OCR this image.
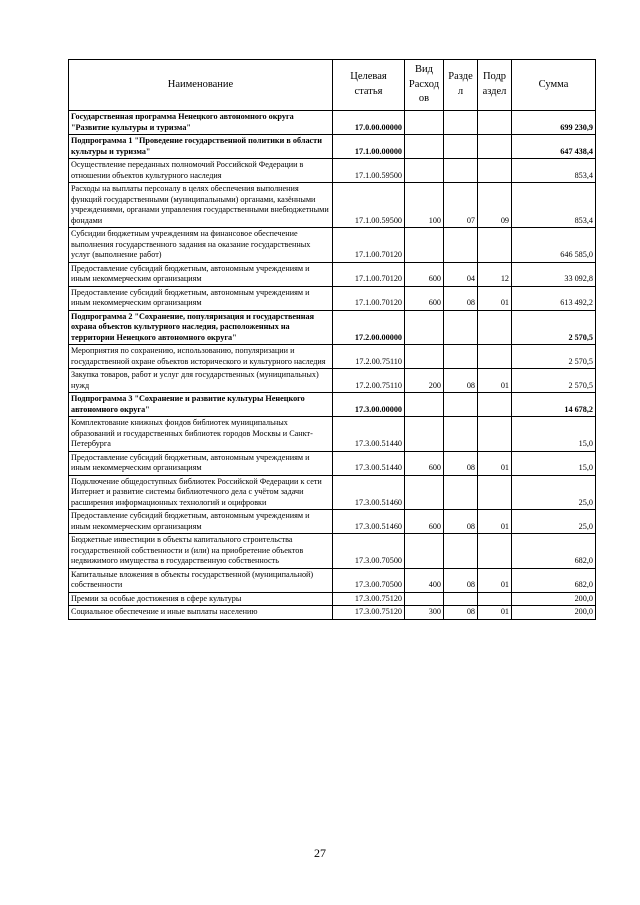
Наименование	Целевая статья	Вид Расход ов	Разде л	Подр аздел	Сумма
Государственная программа Ненецкого автономного округа "Развитие культуры и туризма"	17.0.00.00000				699 230,9
Подпрограмма 1 "Проведение государственной политики в области культуры и туризма"	17.1.00.00000				647 438,4
Осуществление переданных полномочий Российской Федерации в отношении объектов культурного наследия	17.1.00.59500				853,4
Расходы на выплаты персоналу в целях обеспечения выполнения функций государственными (муниципальными) органами, казёнными учреждениями, органами управления государственными внебюджетными фондами	17.1.00.59500	100	07	09	853,4
Субсидии бюджетным учреждениям на финансовое обеспечение выполнения государственного задания на оказание государственных услуг (выполнение работ)	17.1.00.70120				646 585,0
Предоставление субсидий бюджетным, автономным учреждениям и иным некоммерческим организациям	17.1.00.70120	600	04	12	33 092,8
Предоставление субсидий бюджетным, автономным учреждениям и иным некоммерческим организациям	17.1.00.70120	600	08	01	613 492,2
Подпрограмма 2 "Сохранение, популяризация и государственная охрана объектов культурного наследия, расположенных на территории Ненецкого автономного округа"	17.2.00.00000				2 570,5
Мероприятия по сохранению, использованию, популяризации и государственной охране объектов исторического и культурного наследия	17.2.00.75110				2 570,5
Закупка товаров, работ и услуг для государственных (муниципальных) нужд	17.2.00.75110	200	08	01	2 570,5
Подпрограмма 3 "Сохранение и развитие культуры Ненецкого автономного округа"	17.3.00.00000				14 678,2
Комплектование книжных фондов библиотек муниципальных образований и государственных библиотек городов Москвы и Санкт-Петербурга	17.3.00.51440				15,0
Предоставление субсидий бюджетным, автономным учреждениям и иным некоммерческим организациям	17.3.00.51440	600	08	01	15,0
Подключение общедоступных библиотек Российской Федерации к сети Интернет и развитие системы библиотечного дела с учётом задачи расширения информационных технологий и оцифровки	17.3.00.51460				25,0
Предоставление субсидий бюджетным, автономным учреждениям и иным некоммерческим организациям	17.3.00.51460	600	08	01	25,0
Бюджетные инвестиции в объекты капитального строительства государственной собственности и (или) на приобретение объектов недвижимого имущества в государственную собственность	17.3.00.70500				682,0
Капитальные вложения в объекты государственной (муниципальной) собственности	17.3.00.70500	400	08	01	682,0
Премии за особые достижения в сфере культуры	17.3.00.75120				200,0
Социальное обеспечение и иные выплаты населению	17.3.00.75120	300	08	01	200,0
27
